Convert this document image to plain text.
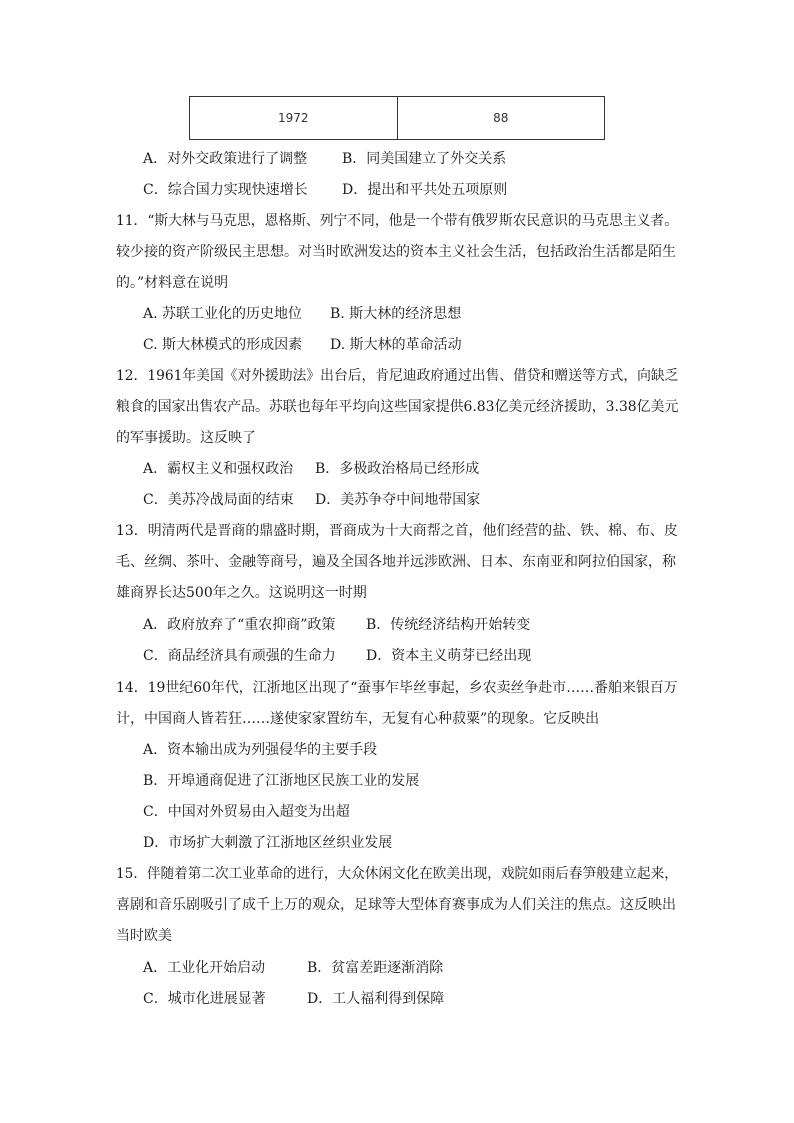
1972	88
A．对外交政策进行了调整 B．同美国建立了外交关系
C．综合国力实现快速增长 D．提出和平共处五项原则
11．“斯大林与马克思，恩格斯、列宁不同，他是一个带有俄罗斯农民意识的马克思主义者。
较少接的资产阶级民主思想。对当时欧洲发达的资本主义社会生活，包括政治生活都是陌生
的。”材料意在说明
A. 苏联工业化的历史地位 B. 斯大林的经济思想
C. 斯大林模式的形成因素 D. 斯大林的革命活动
12．1961年美国《对外援助法》出台后，肯尼迪政府通过出售、借贷和赠送等方式，向缺乏
粮食的国家出售农产品。苏联也每年平均向这些国家提供6.83亿美元经济援助，3.38亿美元
的军事援助。这反映了
A．霸权主义和强权政治 B．多极政治格局已经形成
C．美苏冷战局面的结束 D．美苏争夺中间地带国家
13．明清两代是晋商的鼎盛时期，晋商成为十大商帮之首，他们经营的盐、铁、棉、布、皮
毛、丝绸、茶叶、金融等商号，遍及全国各地并远涉欧洲、日本、东南亚和阿拉伯国家，称
雄商界长达500年之久。这说明这一时期
A．政府放弃了“重农抑商”政策 B．传统经济结构开始转变
C．商品经济具有顽强的生命力 D．资本主义萌芽已经出现
14．19世纪60年代，江浙地区出现了“蚕事乍毕丝事起，乡农卖丝争赴市……番舶来银百万
计，中国商人皆若狂……遂使家家置纺车，无复有心种菽粟”的现象。它反映出
A．资本输出成为列强侵华的主要手段
B．开埠通商促进了江浙地区民族工业的发展
C．中国对外贸易由入超变为出超
D．市场扩大刺激了江浙地区丝织业发展
15．伴随着第二次工业革命的进行，大众休闲文化在欧美出现，戏院如雨后春笋般建立起来，
喜剧和音乐剧吸引了成千上万的观众，足球等大型体育赛事成为人们关注的焦点。这反映出
当时欧美
A．工业化开始启动	B．贫富差距逐渐消除
C．城市化进展显著	D．工人福利得到保障
